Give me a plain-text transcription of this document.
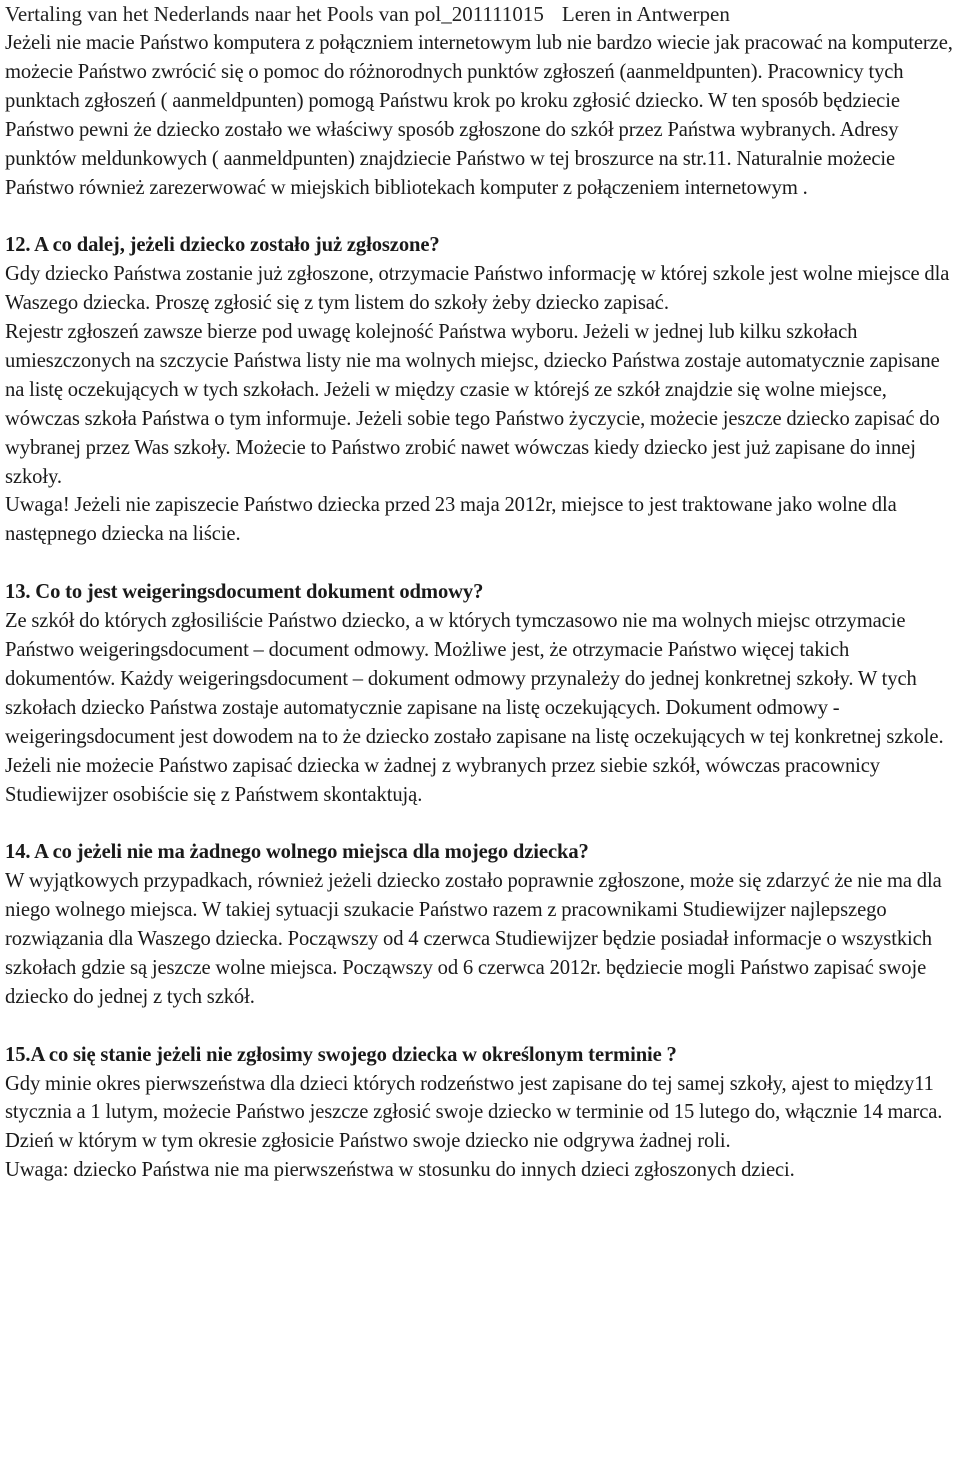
Vertaling van het Nederlands naar het Pools van pol_201111015 Leren in Antwerpen

Jeżeli nie macie Państwo komputera z połączniem internetowym lub nie bardzo wiecie jak pracować na komputerze, możecie Państwo zwrócić się o pomoc do różnorodnych punktów zgłoszeń (aanmeldpunten). Pracownicy tych punktach zgłoszeń ( aanmeldpunten) pomogą Państwu krok po kroku zgłosić dziecko. W ten sposób będziecie Państwo pewni że dziecko zostało we właściwy sposób zgłoszone do szkół przez Państwa wybranych. Adresy punktów meldunkowych ( aanmeldpunten) znajdziecie Państwo w tej broszurce na str.11. Naturalnie możecie Państwo również zarezerwować w miejskich bibliotekach komputer z połączeniem internetowym .

12. A co dalej, jeżeli dziecko zostało już zgłoszone?

Gdy dziecko Państwa zostanie już zgłoszone, otrzymacie Państwo informację w której szkole jest wolne miejsce dla Waszego dziecka. Proszę zgłosić się z tym listem do szkoły żeby dziecko zapisać.

Rejestr zgłoszeń zawsze bierze pod uwagę kolejność Państwa wyboru. Jeżeli w jednej lub kilku szkołach umieszczonych na szczycie Państwa listy nie ma wolnych miejsc, dziecko Państwa zostaje automatycznie zapisane na listę oczekujących w tych szkołach. Jeżeli w między czasie w którejś ze szkół znajdzie się wolne miejsce, wówczas szkoła Państwa o tym informuje. Jeżeli sobie tego Państwo życzycie, możecie jeszcze dziecko zapisać do wybranej przez Was szkoły. Możecie to Państwo zrobić nawet wówczas kiedy dziecko jest już zapisane do innej szkoły.

Uwaga! Jeżeli nie zapiszecie Państwo dziecka przed 23 maja 2012r, miejsce to jest traktowane jako wolne dla następnego dziecka na liście.

13. Co to jest weigeringsdocument dokument odmowy?

Ze szkół do których zgłosiliście Państwo dziecko, a w których tymczasowo nie ma wolnych miejsc otrzymacie Państwo weigeringsdocument – document odmowy. Możliwe jest, że otrzymacie Państwo więcej takich dokumentów. Każdy weigeringsdocument – dokument odmowy przynależy do jednej konkretnej szkoły. W tych szkołach dziecko Państwa zostaje automatycznie zapisane na listę oczekujących. Dokument odmowy - weigeringsdocument jest dowodem na to że dziecko zostało zapisane na listę oczekujących w tej konkretnej szkole. Jeżeli nie możecie Państwo zapisać dziecka w żadnej z wybranych przez siebie szkół, wówczas pracownicy Studiewijzer osobiście się z Państwem skontaktują.

14. A co jeżeli nie ma żadnego wolnego miejsca dla mojego dziecka?

W wyjątkowych przypadkach, również jeżeli dziecko zostało poprawnie zgłoszone, może się zdarzyć że nie ma dla niego wolnego miejsca. W takiej sytuacji szukacie Państwo razem z pracownikami Studiewijzer najlepszego rozwiązania dla Waszego dziecka. Począwszy od 4 czerwca Studiewijzer będzie posiadał informacje o wszystkich szkołach gdzie są jeszcze wolne miejsca. Począwszy od 6 czerwca 2012r. będziecie mogli Państwo zapisać swoje dziecko do jednej z tych szkół.

15.A co się stanie jeżeli nie zgłosimy swojego dziecka w określonym terminie ?

Gdy minie okres pierwszeństwa dla dzieci których rodzeństwo jest zapisane do tej samej szkoły, ajest to między11 stycznia a 1 lutym, możecie Państwo jeszcze zgłosić swoje dziecko w terminie od 15 lutego do, włącznie 14 marca. Dzień w którym w tym okresie zgłosicie Państwo swoje dziecko nie odgrywa żadnej roli.

Uwaga: dziecko Państwa nie ma pierwszeństwa w stosunku do innych dzieci zgłoszonych dzieci.
